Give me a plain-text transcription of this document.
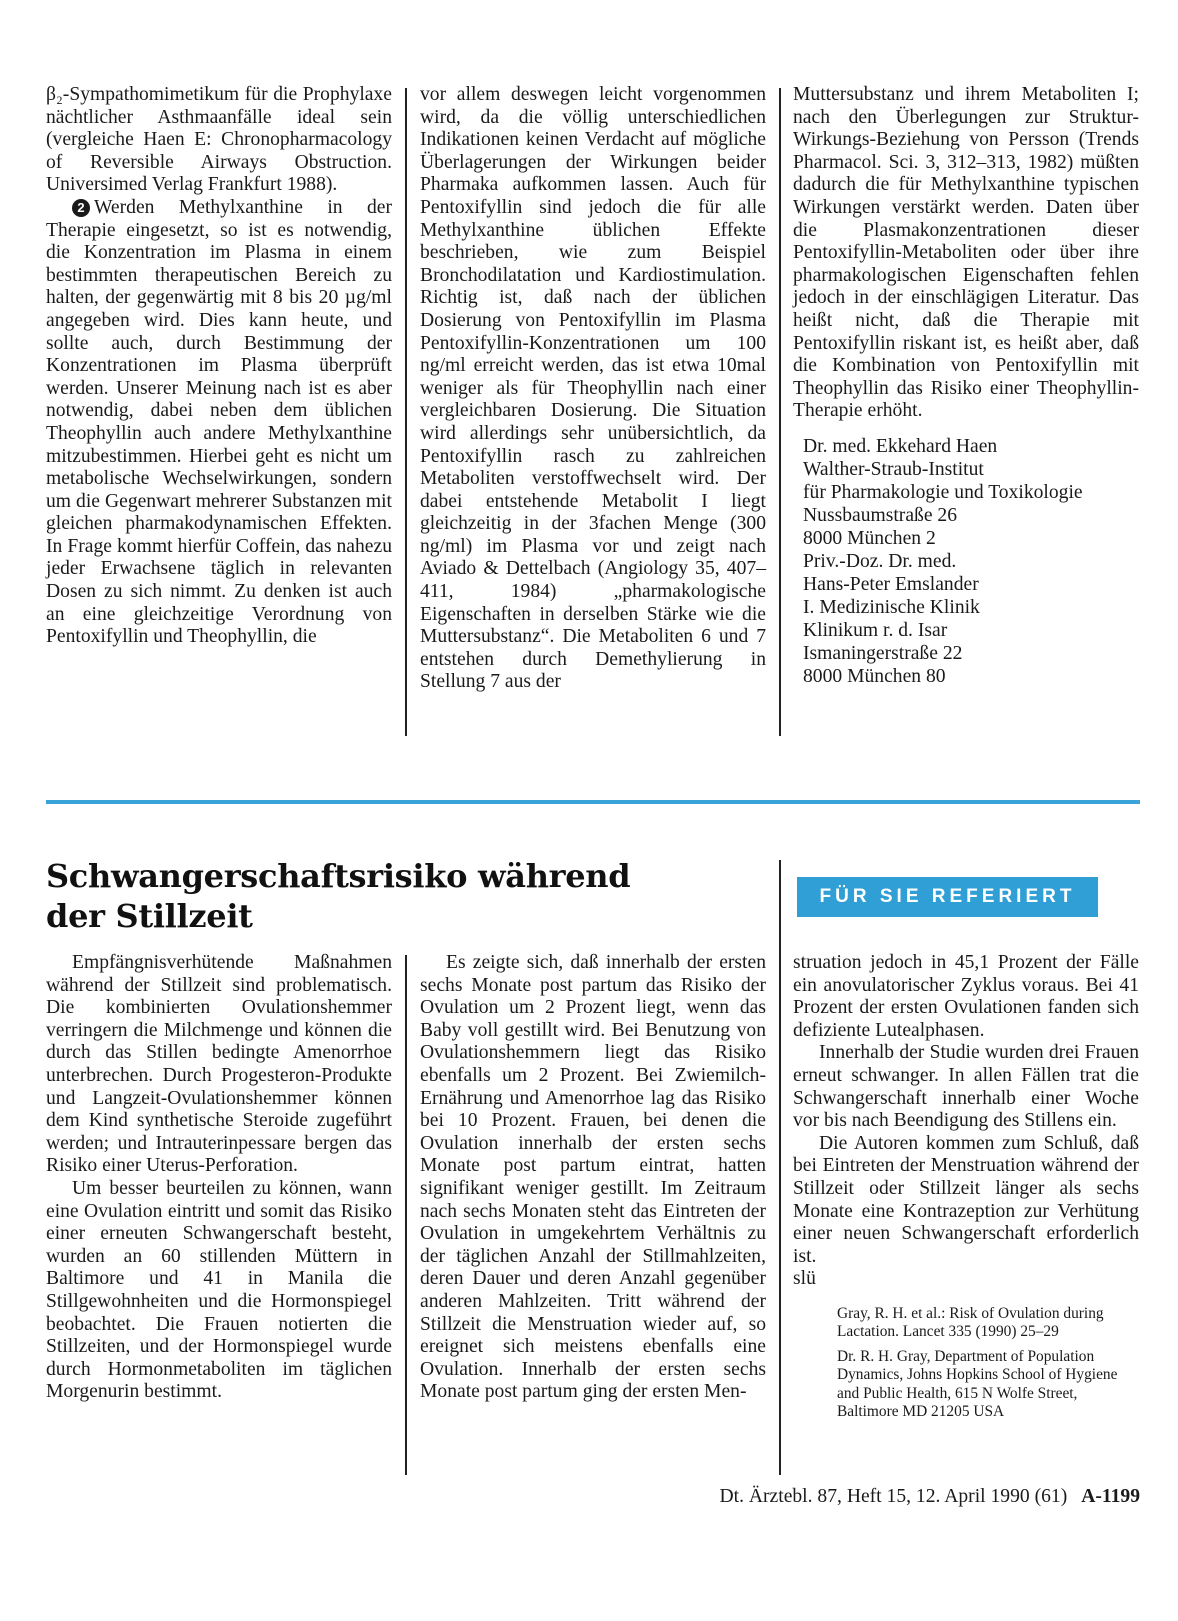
β₂-Sympathomimetikum für die Prophylaxe nächtlicher Asthmaanfälle ideal sein (vergleiche Haen E: Chronopharmacology of Reversible Airways Obstruction. Universimed Verlag Frankfurt 1988).

2 Werden Methylxanthine in der Therapie eingesetzt, so ist es notwendig, die Konzentration im Plasma in einem bestimmten therapeutischen Bereich zu halten, der gegenwärtig mit 8 bis 20 µg/ml angegeben wird. Dies kann heute, und sollte auch, durch Bestimmung der Konzentrationen im Plasma überprüft werden. Unserer Meinung nach ist es aber notwendig, dabei neben dem üblichen Theophyllin auch andere Methylxanthine mitzubestimmen. Hierbei geht es nicht um metabolische Wechselwirkungen, sondern um die Gegenwart mehrerer Substanzen mit gleichen pharmakodynamischen Effekten. In Frage kommt hierfür Coffein, das nahezu jeder Erwachsene täglich in relevanten Dosen zu sich nimmt. Zu denken ist auch an eine gleichzeitige Verordnung von Pentoxifyllin und Theophyllin, die

vor allem deswegen leicht vorgenommen wird, da die völlig unterschiedlichen Indikationen keinen Verdacht auf mögliche Überlagerungen der Wirkungen beider Pharmaka aufkommen lassen. Auch für Pentoxifyllin sind jedoch die für alle Methylxanthine üblichen Effekte beschrieben, wie zum Beispiel Bronchodilatation und Kardiostimulation. Richtig ist, daß nach der üblichen Dosierung von Pentoxifyllin im Plasma Pentoxifyllin-Konzentrationen um 100 ng/ml erreicht werden, das ist etwa 10mal weniger als für Theophyllin nach einer vergleichbaren Dosierung. Die Situation wird allerdings sehr unübersichtlich, da Pentoxifyllin rasch zu zahlreichen Metaboliten verstoffwechselt wird. Der dabei entstehende Metabolit I liegt gleichzeitig in der 3fachen Menge (300 ng/ml) im Plasma vor und zeigt nach Aviado & Dettelbach (Angiology 35, 407–411, 1984) „pharmakologische Eigenschaften in derselben Stärke wie die Muttersubstanz“. Die Metaboliten 6 und 7 entstehen durch Demethylierung in Stellung 7 aus der

Muttersubstanz und ihrem Metaboliten I; nach den Überlegungen zur Struktur-Wirkungs-Beziehung von Persson (Trends Pharmacol. Sci. 3, 312–313, 1982) müßten dadurch die für Methylxanthine typischen Wirkungen verstärkt werden. Daten über die Plasmakonzentrationen dieser Pentoxifyllin-Metaboliten oder über ihre pharmakologischen Eigenschaften fehlen jedoch in der einschlägigen Literatur. Das heißt nicht, daß die Therapie mit Pentoxifyllin riskant ist, es heißt aber, daß die Kombination von Pentoxifyllin mit Theophyllin das Risiko einer Theophyllin-Therapie erhöht.

Dr. med. Ekkehard Haen
Walther-Straub-Institut
für Pharmakologie und Toxikologie
Nussbaumstraße 26
8000 München 2
Priv.-Doz. Dr. med.
Hans-Peter Emslander
I. Medizinische Klinik
Klinikum r. d. Isar
Ismaningerstraße 22
8000 München 80
Schwangerschaftsrisiko während
der Stillzeit
FÜR SIE REFERIERT

Empfängnisverhütende Maßnahmen während der Stillzeit sind problematisch. Die kombinierten Ovulationshemmer verringern die Milchmenge und können die durch das Stillen bedingte Amenorrhoe unterbrechen. Durch Progesteron-Produkte und Langzeit-Ovulationshemmer können dem Kind synthetische Steroide zugeführt werden; und Intrauterinpessare bergen das Risiko einer Uterus-Perforation.

Um besser beurteilen zu können, wann eine Ovulation eintritt und somit das Risiko einer erneuten Schwangerschaft besteht, wurden an 60 stillenden Müttern in Baltimore und 41 in Manila die Stillgewohnheiten und die Hormonspiegel beobachtet. Die Frauen notierten die Stillzeiten, und der Hormonspiegel wurde durch Hormonmetaboliten im täglichen Morgenurin bestimmt.

Es zeigte sich, daß innerhalb der ersten sechs Monate post partum das Risiko der Ovulation um 2 Prozent liegt, wenn das Baby voll gestillt wird. Bei Benutzung von Ovulationshemmern liegt das Risiko ebenfalls um 2 Prozent. Bei Zwiemilch-Ernährung und Amenorrhoe lag das Risiko bei 10 Prozent. Frauen, bei denen die Ovulation innerhalb der ersten sechs Monate post partum eintrat, hatten signifikant weniger gestillt. Im Zeitraum nach sechs Monaten steht das Eintreten der Ovulation in umgekehrtem Verhältnis zu der täglichen Anzahl der Stillmahlzeiten, deren Dauer und deren Anzahl gegenüber anderen Mahlzeiten. Tritt während der Stillzeit die Menstruation wieder auf, so ereignet sich meistens ebenfalls eine Ovulation. Innerhalb der ersten sechs Monate post partum ging der ersten Men-

struation jedoch in 45,1 Prozent der Fälle ein anovulatorischer Zyklus voraus. Bei 41 Prozent der ersten Ovulationen fanden sich defiziente Lutealphasen.

Innerhalb der Studie wurden drei Frauen erneut schwanger. In allen Fällen trat die Schwangerschaft innerhalb einer Woche vor bis nach Beendigung des Stillens ein.

Die Autoren kommen zum Schluß, daß bei Eintreten der Menstruation während der Stillzeit oder Stillzeit länger als sechs Monate eine Kontrazeption zur Verhütung einer neuen Schwangerschaft erforderlich ist.

slü

Gray, R. H. et al.: Risk of Ovulation during Lactation. Lancet 335 (1990) 25–29

Dr. R. H. Gray, Department of Population Dynamics, Johns Hopkins School of Hygiene and Public Health, 615 N Wolfe Street, Baltimore MD 21205 USA

Dt. Ärztebl. 87, Heft 15, 12. April 1990 (61) A-1199
